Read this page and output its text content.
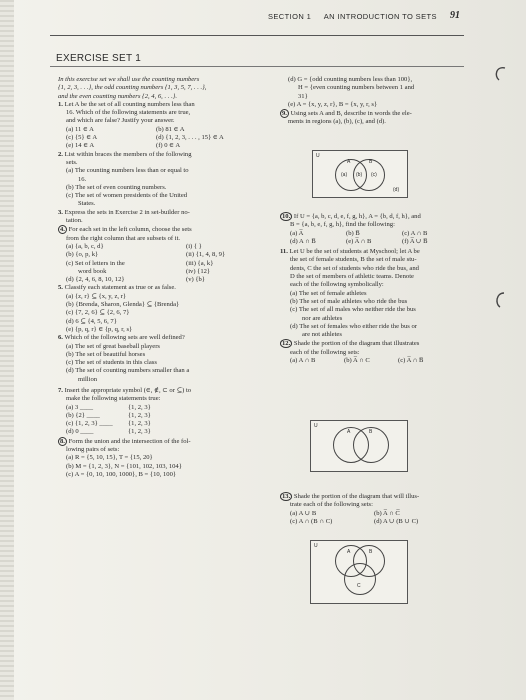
SECTION 1 AN INTRODUCTION TO SETS 91
EXERCISE SET 1
In this exercise set we shall use the counting numbers
{1, 2, 3, . . .}, the odd counting numbers {1, 3, 5, 7, . . .},
and the even counting numbers {2, 4, 6, . . .}.
1. Let A be the set of all counting numbers less than
16. Which of the following statements are true,
and which are false? Justify your answer.
(a) 11 ∈ A	(b) 81 ∈ A
(c) {5} ∈ A	(d) {1, 2, 3, . . . , 15} ∈ A
(e) 14 ∈ A	(f) 0 ∈ A
2. List within braces the members of the following
sets.
(a) The counting numbers less than or equal to
16.
(b) The set of even counting numbers.
(c) The set of women presidents of the United
States.
3. Express the sets in Exercise 2 in set-builder no-
tation.
4. For each set in the left column, choose the sets
from the right column that are subsets of it.
(a) {a, b, c, d}	(i) { }
(b) {o, p, k}	(ii) {1, 4, 8, 9}
(c) Set of letters in the	(iii) {a, k}
word book	(iv) {12}
(d) {2, 4, 6, 8, 10, 12}	(v) {b}
5. Classify each statement as true or as false.
(a) {z, r} ⊆ {x, y, z, r}
(b) {Brenda, Sharon, Glenda} ⊆ {Brenda}
(c) {7, 2, 6} ⊆ {2, 6, 7}
(d) 6 ⊆ {4, 5, 6, 7}
(e) {p, q, r} ∈ {p, q, r, s}
6. Which of the following sets are well defined?
(a) The set of great baseball players
(b) The set of beautiful horses
(c) The set of students in this class
(d) The set of counting numbers smaller than a
million
7. Insert the appropriate symbol (∈, ∉, ⊂ or ⊆) to
make the following statements true:
(a) 3 ____	{1, 2, 3}
(b) {2} ____	{1, 2, 3}
(c) {1, 2, 3} ____	{1, 2, 3}
(d) 0 ____	{1, 2, 3}
8. Form the union and the intersection of the fol-
lowing pairs of sets:
(a) R = {5, 10, 15}, T = {15, 20}
(b) M = {1, 2, 3}, N = {101, 102, 103, 104}
(c) A = {0, 10, 100, 1000}, B = {10, 100}
(d) G = {odd counting numbers less than 100},
H = {even counting numbers between 1 and
31}
(e) A = {x, y, z, r}, B = {x, y, r, s}
9. Using sets A and B, describe in words the ele-
ments in regions (a), (b), (c), and (d).
U
A	B
(a) (b) (c)
(d)
10. If U = {a, b, c, d, e, f, g, h}, A = {b, d, f, h}, and
B = {a, b, e, f, g, h}, find the following:
(a) A̅	(b) B̅	(c) A ∩ B
(d) A ∩ B̅	(e) A̅ ∩ B	(f) A̅ ∪ B̅
11. Let U be the set of students at Myschool; let A be
the set of female students, B the set of male stu-
dents, C the set of students who ride the bus, and
D the set of members of athletic teams. Denote
each of the following symbolically:
(a) The set of female athletes
(b) The set of male athletes who ride the bus
(c) The set of all males who neither ride the bus
nor are athletes
(d) The set of females who either ride the bus or
are not athletes
12. Shade the portion of the diagram that illustrates
each of the following sets:
(a) A ∩ B	(b) A̅ ∩ C	(c) A̅ ∩ B̅
U
A	B
13. Shade the portion of the diagram that will illus-
trate each of the following sets:
(a) A ∪ B	(b) A̅ ∩ C̅
(c) A ∩ (B ∩ C)	(d) A ∪ (B ∪ C)
U
A	B
C
